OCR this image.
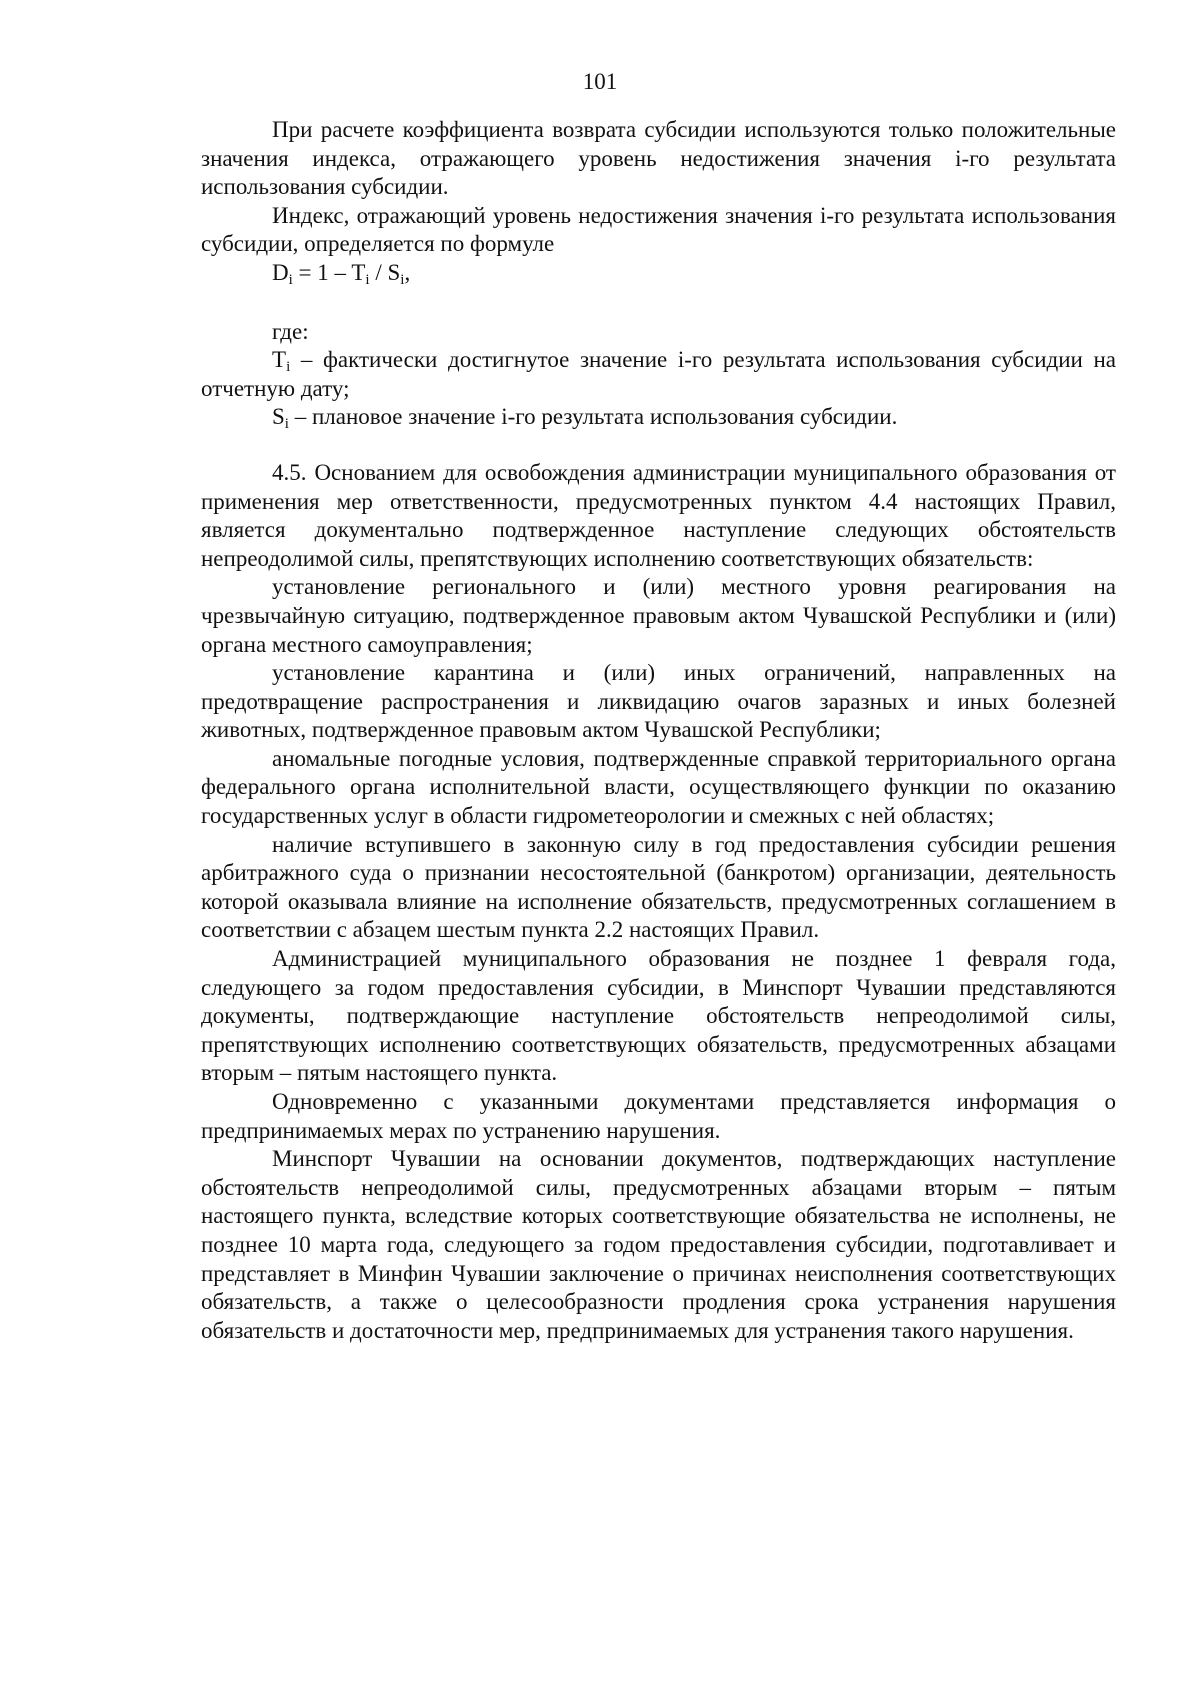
101

При расчете коэффициента возврата субсидии используются только положительные значения индекса, отражающего уровень недостижения значения i-го результата использования субсидии.

Индекс, отражающий уровень недостижения значения i-го результата использования субсидии, определяется по формуле

$D_i = 1 - T_i / S_i$,

где:

$T_i$ – фактически достигнутое значение i-го результата использования субсидии на отчетную дату;

$S_i$ – плановое значение i-го результата использования субсидии.

4.5. Основанием для освобождения администрации муниципального образования от применения мер ответственности, предусмотренных пунктом 4.4 настоящих Правил, является документально подтвержденное наступление следующих обстоятельств непреодолимой силы, препятствующих исполнению соответствующих обязательств:

установление регионального и (или) местного уровня реагирования на чрезвычайную ситуацию, подтвержденное правовым актом Чувашской Республики и (или) органа местного самоуправления;

установление карантина и (или) иных ограничений, направленных на предотвращение распространения и ликвидацию очагов заразных и иных болезней животных, подтвержденное правовым актом Чувашской Республики;

аномальные погодные условия, подтвержденные справкой территориального органа федерального органа исполнительной власти, осуществляющего функции по оказанию государственных услуг в области гидрометеорологии и смежных с ней областях;

наличие вступившего в законную силу в год предоставления субсидии решения арбитражного суда о признании несостоятельной (банкротом) организации, деятельность которой оказывала влияние на исполнение обязательств, предусмотренных соглашением в соответствии с абзацем шестым пункта 2.2 настоящих Правил.

Администрацией муниципального образования не позднее 1 февраля года, следующего за годом предоставления субсидии, в Минспорт Чувашии представляются документы, подтверждающие наступление обстоятельств непреодолимой силы, препятствующих исполнению соответствующих обязательств, предусмотренных абзацами вторым – пятым настоящего пункта.

Одновременно с указанными документами представляется информация о предпринимаемых мерах по устранению нарушения.

Минспорт Чувашии на основании документов, подтверждающих наступление обстоятельств непреодолимой силы, предусмотренных абзацами вторым – пятым настоящего пункта, вследствие которых соответствующие обязательства не исполнены, не позднее 10 марта года, следующего за годом предоставления субсидии, подготавливает и представляет в Минфин Чувашии заключение о причинах неисполнения соответствующих обязательств, а также о целесообразности продления срока устранения нарушения обязательств и достаточности мер, предпринимаемых для устранения такого нарушения.
